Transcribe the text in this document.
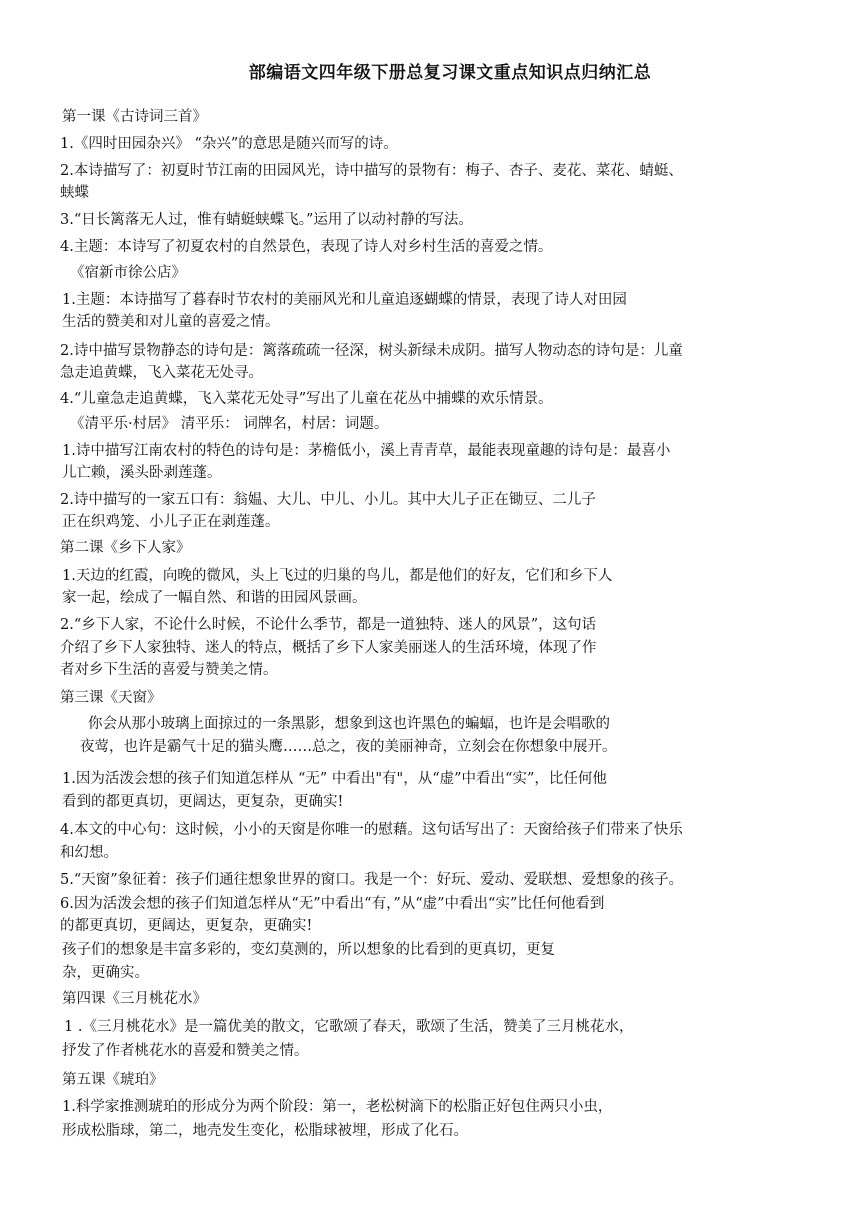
部编语文四年级下册总复习课文重点知识点归纳汇总
第一课《古诗词三首》
1.《四时田园杂兴》 “杂兴”的意思是随兴而写的诗。
2.本诗描写了：初夏时节江南的田园风光，诗中描写的景物有：梅子、杏子、麦花、菜花、蜻蜓、
蛱蝶
3.“日长篱落无人过，惟有蜻蜓蛱蝶飞。”运用了以动衬静的写法。
4.主题：本诗写了初夏农村的自然景色，表现了诗人对乡村生活的喜爱之情。
《宿新市徐公店》
1.主题：本诗描写了暮春时节农村的美丽风光和儿童追逐蝴蝶的情景，表现了诗人对田园
生活的赞美和对儿童的喜爱之情。
2.诗中描写景物静态的诗句是：篱落疏疏一径深，树头新绿未成阴。描写人物动态的诗句是：儿童
急走追黄蝶，飞入菜花无处寻。
4.“儿童急走追黄蝶，飞入菜花无处寻”写出了儿童在花丛中捕蝶的欢乐情景。
《清平乐·村居》 清平乐： 词牌名，村居：词题。
1.诗中描写江南农村的特色的诗句是：茅檐低小，溪上青青草，最能表现童趣的诗句是：最喜小
儿亡赖，溪头卧剥莲蓬。
2.诗中描写的一家五口有：翁媪、大儿、中儿、小儿。其中大儿子正在锄豆、二儿子
正在织鸡笼、小儿子正在剥莲蓬。
第二课《乡下人家》
1.天边的红霞，向晚的微风，头上飞过的归巢的鸟儿，都是他们的好友，它们和乡下人
家一起，绘成了一幅自然、和谐的田园风景画。
2.“乡下人家，不论什么时候，不论什么季节，都是一道独特、迷人的风景”，这句话
介绍了乡下人家独特、迷人的特点，概括了乡下人家美丽迷人的生活环境，体现了作
者对乡下生活的喜爱与赞美之情。
第三课《天窗》
你会从那小玻璃上面掠过的一条黑影，想象到这也许黑色的蝙蝠，也许是会唱歌的
夜莺，也许是霸气十足的猫头鹰……总之，夜的美丽神奇，立刻会在你想象中展开。
1.因为活泼会想的孩子们知道怎样从 “无” 中看出"有"，从“虚”中看出“实”，比任何他
看到的都更真切，更阔达，更复杂，更确实!
4.本文的中心句：这时候，小小的天窗是你唯一的慰藉。这句话写出了：天窗给孩子们带来了快乐
和幻想。
5.“天窗”象征着：孩子们通往想象世界的窗口。我是一个：好玩、爱动、爱联想、爱想象的孩子。
6.因为活泼会想的孩子们知道怎样从“无”中看出“有，”从“虚”中看出“实”比任何他看到
的都更真切，更阔达，更复杂，更确实!
孩子们的想象是丰富多彩的，变幻莫测的，所以想象的比看到的更真切，更复
杂，更确实。
第四课《三月桃花水》
1 .《三月桃花水》是一篇优美的散文，它歌颂了春天，歌颂了生活，赞美了三月桃花水，
抒发了作者桃花水的喜爱和赞美之情。
第五课《琥珀》
1.科学家推测琥珀的形成分为两个阶段：第一，老松树滴下的松脂正好包住两只小虫，
形成松脂球，第二，地壳发生变化，松脂球被埋，形成了化石。
